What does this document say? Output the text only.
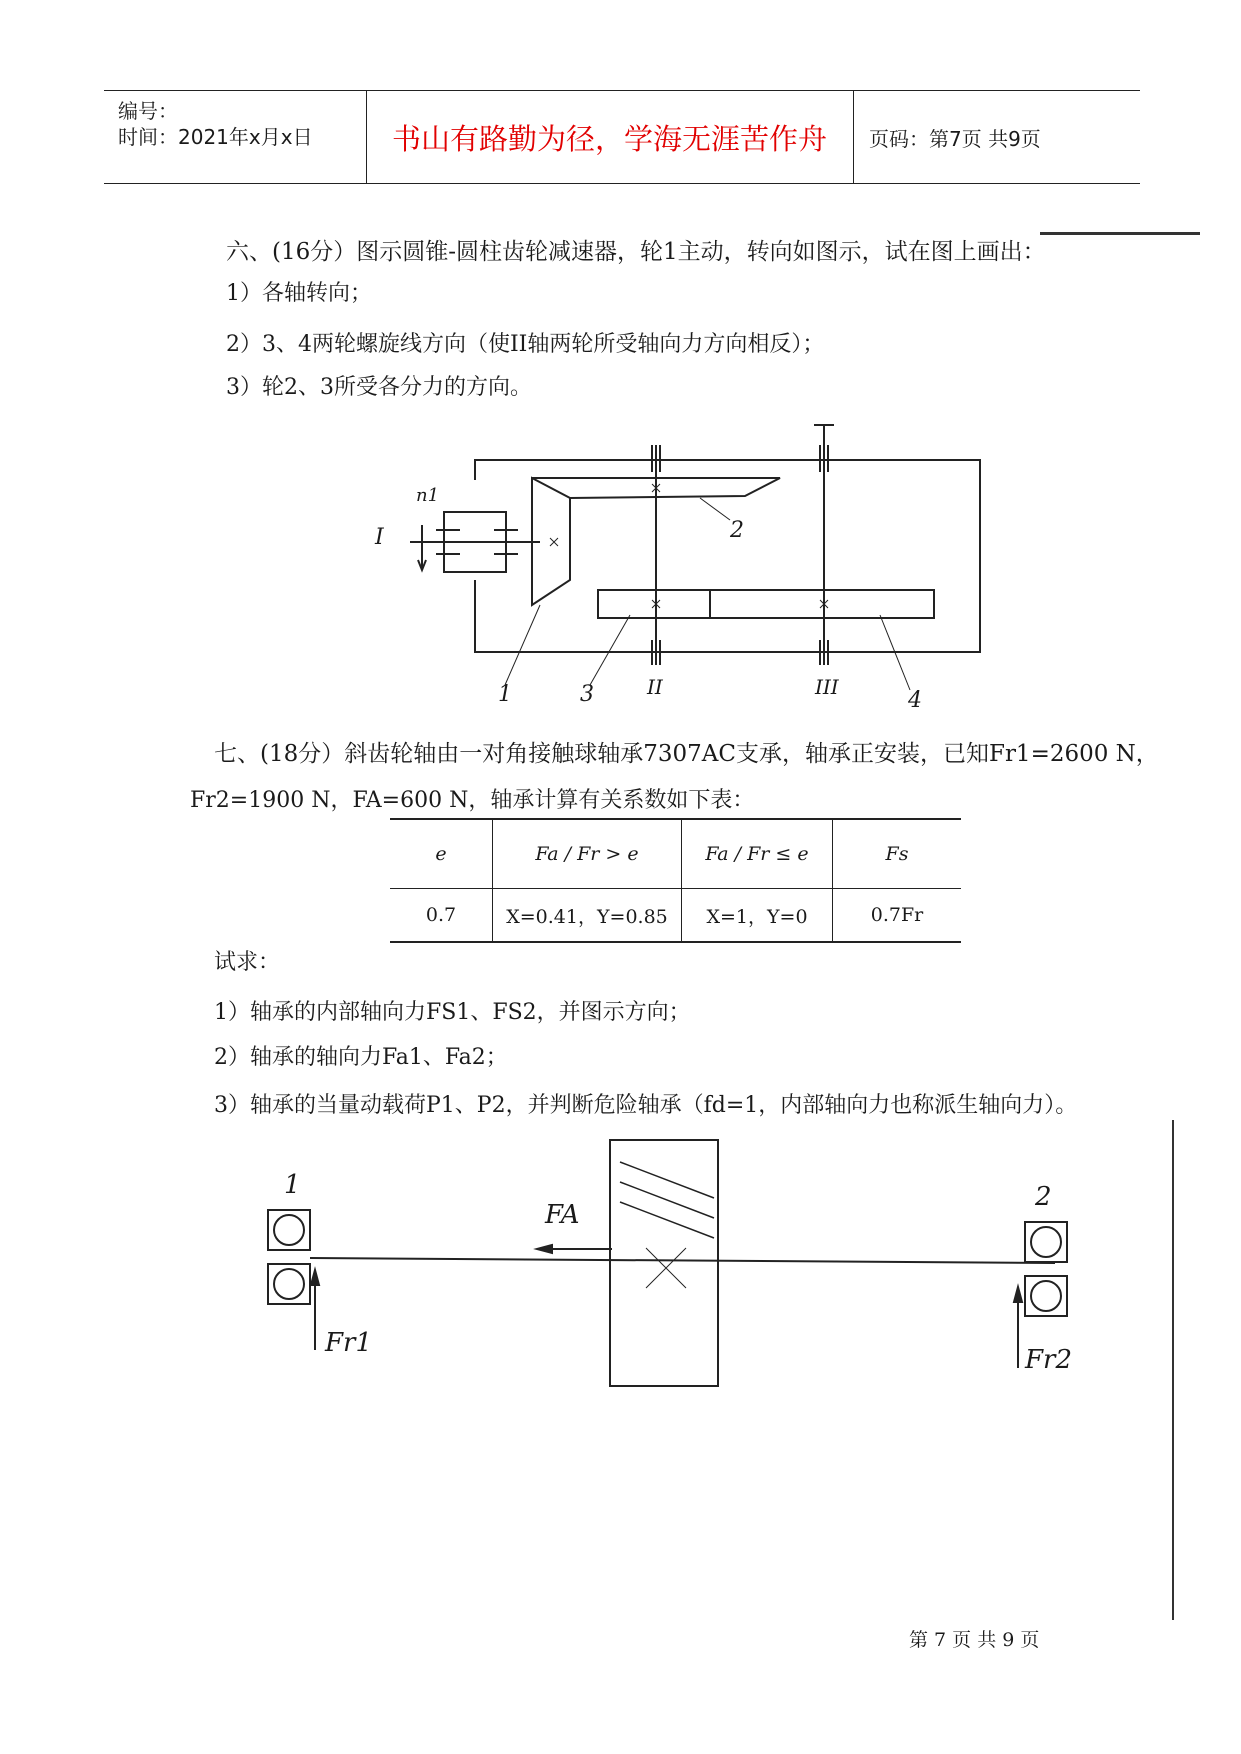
编号：
时间：2021年x月x日	书山有路勤为径，学海无涯苦作舟	页码：第7页 共9页
六、(16分）图示圆锥-圆柱齿轮减速器，轮1主动，转向如图示，试在图上画出：
1）各轴转向；
2）3、4两轮螺旋线方向（使II轴两轮所受轴向力方向相反）；
3）轮2、3所受各分力的方向。
n1
I	2
1	3	II	III
4
七、(18分）斜齿轮轴由一对角接触球轴承7307AC支承，轴承正安装，已知Fr1=2600 N，
Fr2=1900 N，FA=600 N，轴承计算有关系数如下表：
e	Fa / Fr > e	Fa / Fr ≤ e	Fs
0.7	X=0.41，Y=0.85	X=1，Y=0	0.7Fr
试求：
1）轴承的内部轴向力FS1、FS2，并图示方向；
2）轴承的轴向力Fa1、Fa2；
3）轴承的当量动载荷P1、P2，并判断危险轴承（fd=1，内部轴向力也称派生轴向力）。
1	2
FA
Fr1
Fr2
第 7 页 共 9 页
